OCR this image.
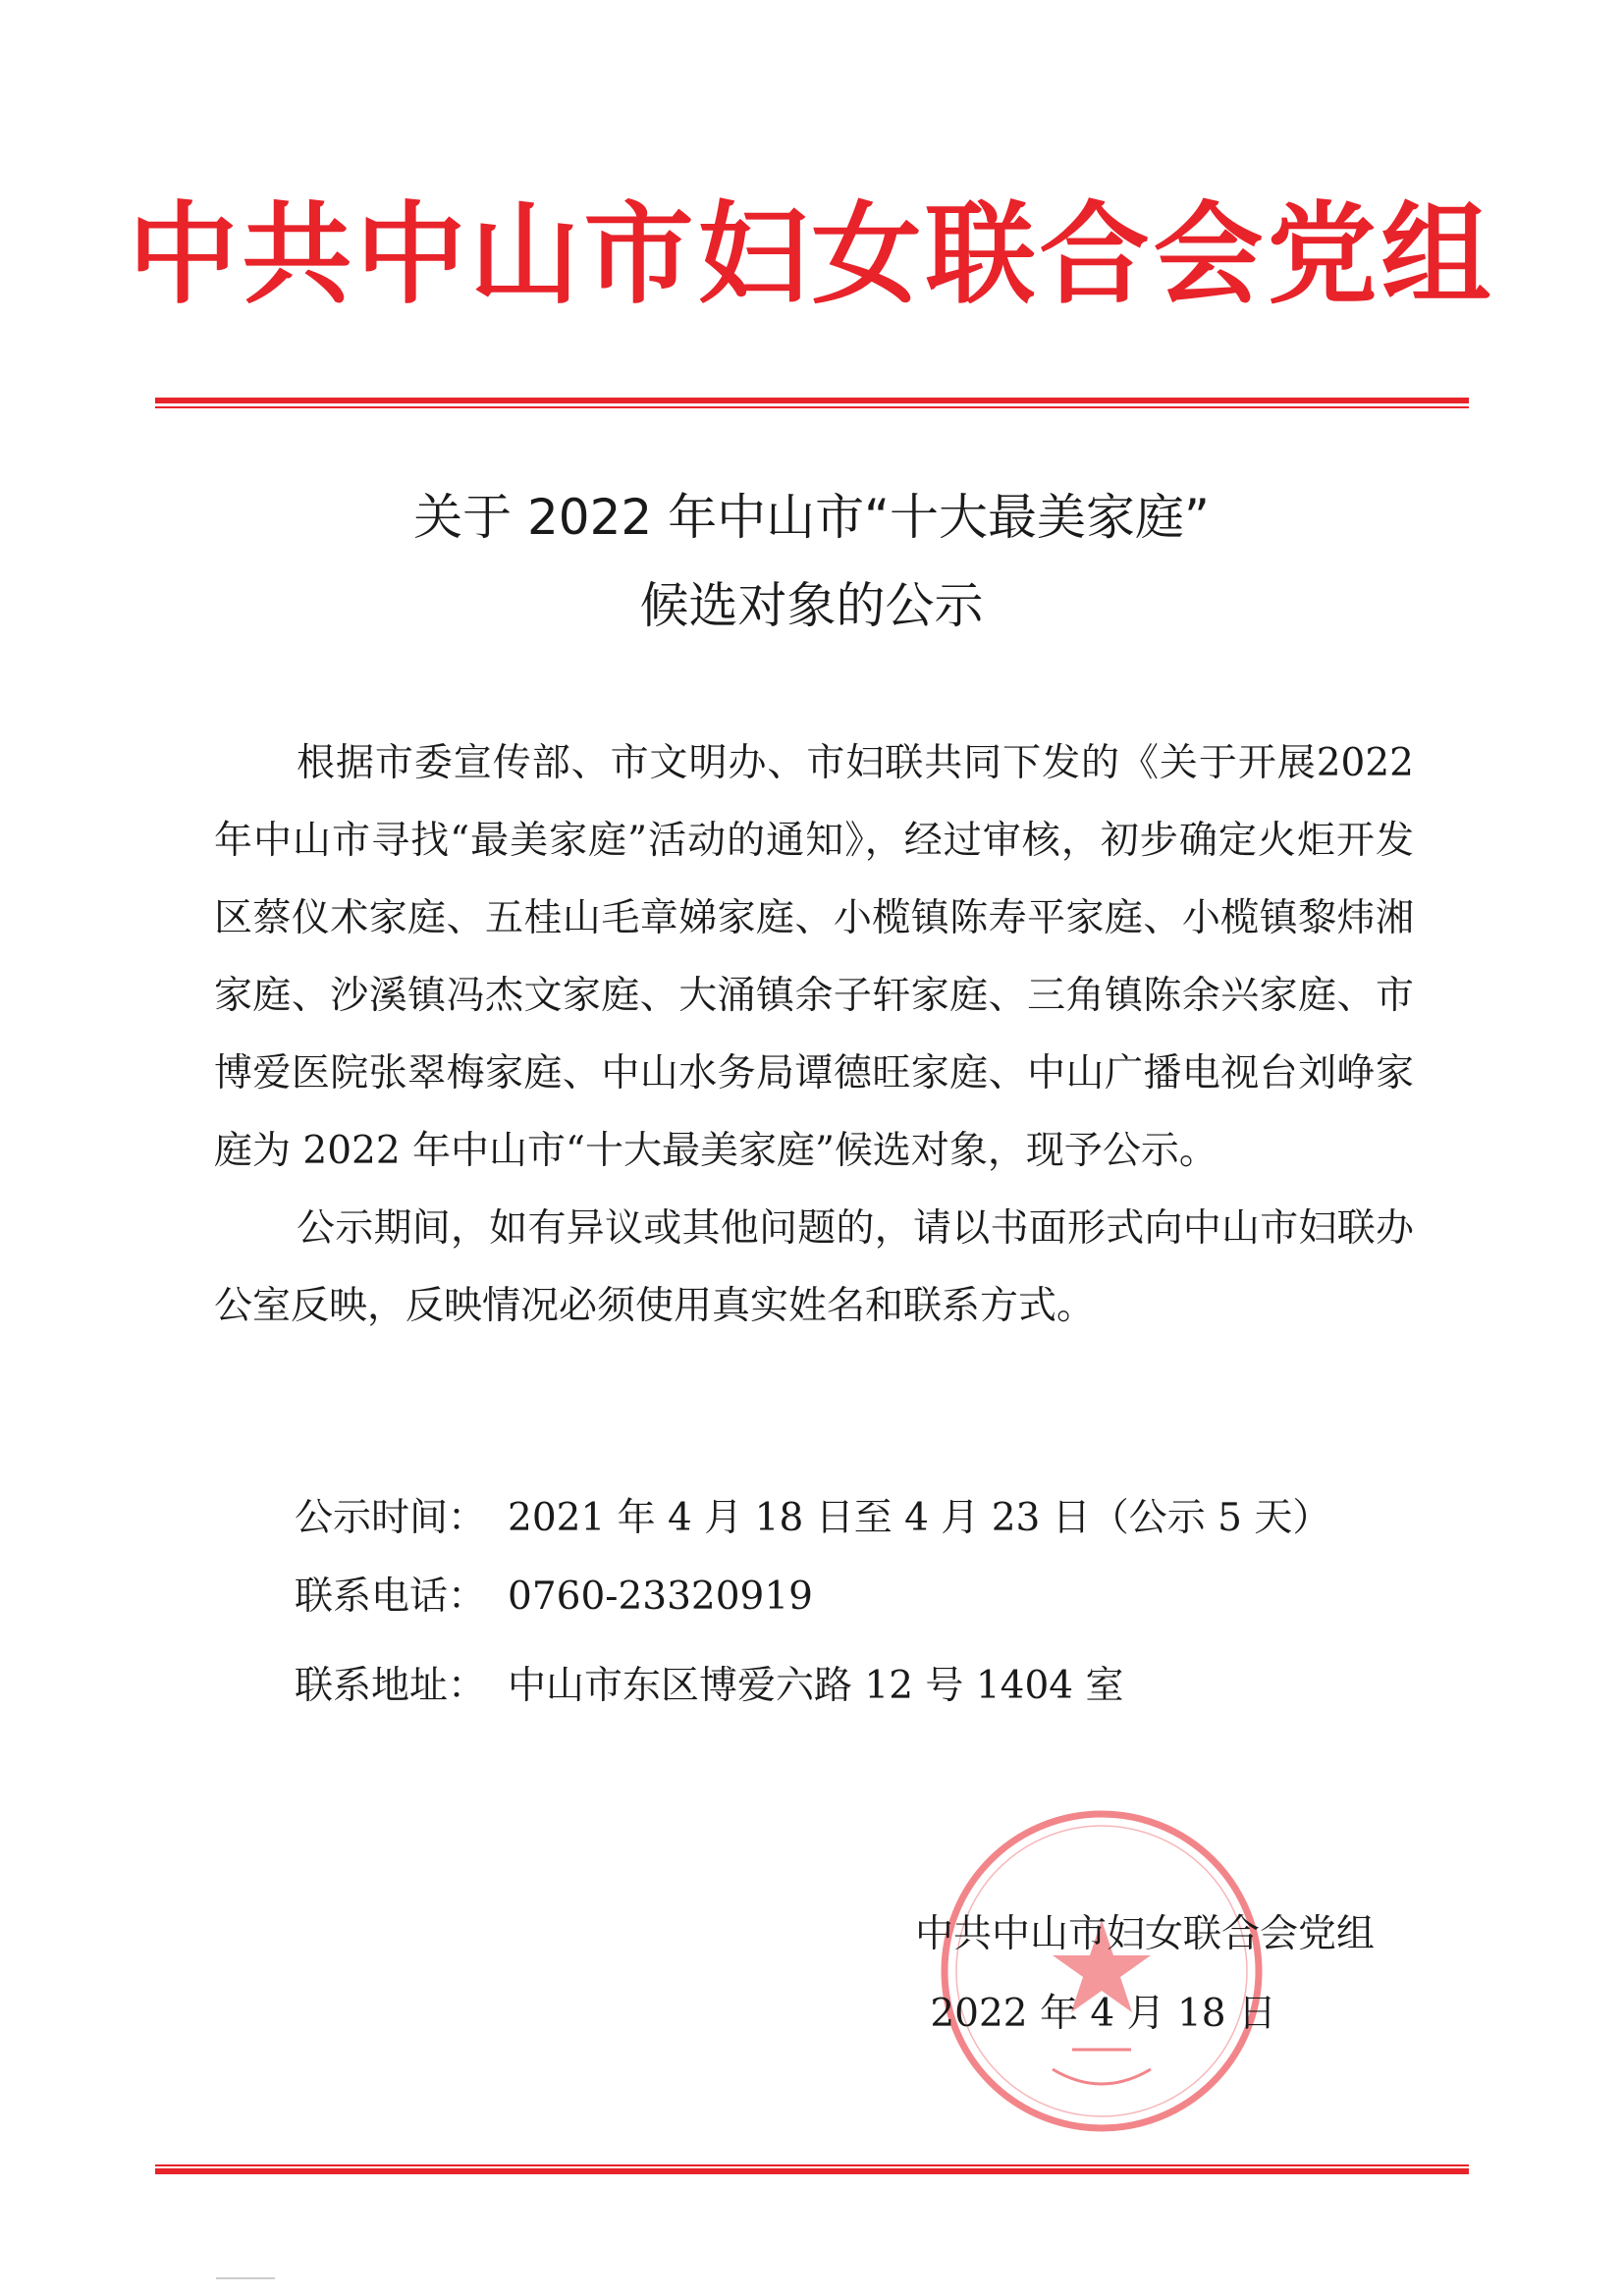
中共中山市妇女联合会党组
关于 2022 年中山市“十大最美家庭”
候选对象的公示

根据市委宣传部、市文明办、市妇联共同下发的《关于开展2022 年中山市寻找“最美家庭”活动的通知》，经过审核，初步确定火炬开发区蔡仪术家庭、五桂山毛章娣家庭、小榄镇陈寿平家庭、小榄镇黎炜湘家庭、沙溪镇冯杰文家庭、大涌镇余子轩家庭、三角镇陈余兴家庭、市博爱医院张翠梅家庭、中山水务局谭德旺家庭、中山广播电视台刘峥家庭为 2022 年中山市“十大最美家庭”候选对象，现予公示。

公示期间，如有异议或其他问题的，请以书面形式向中山市妇联办公室反映，反映情况必须使用真实姓名和联系方式。

公示时间： 2021 年 4 月 18 日至 4 月 23 日（公示 5 天）
联系电话： 0760-23320919
联系地址： 中山市东区博爱六路 12 号 1404 室
中共中山市妇女联合会党组
2022 年 4 月 18 日
